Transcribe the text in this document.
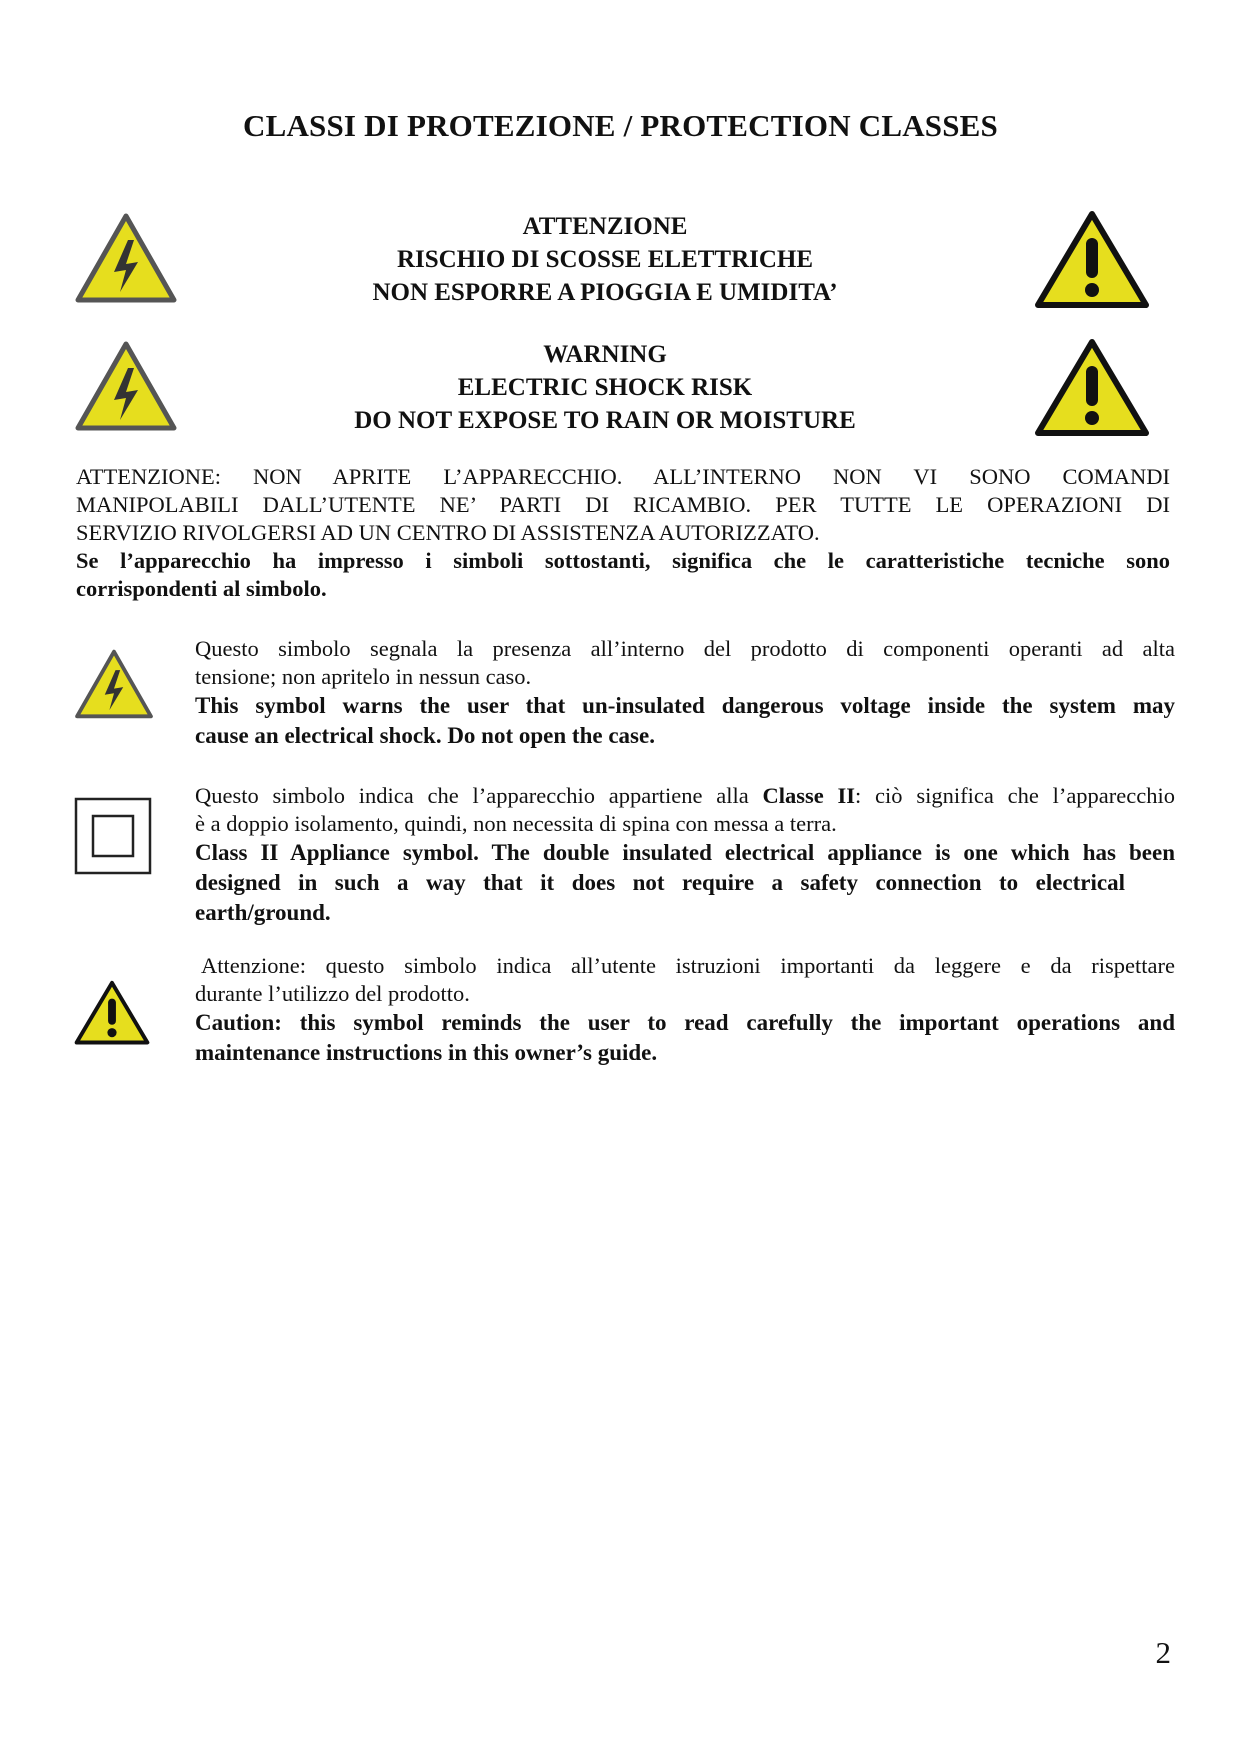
CLASSI DI PROTEZIONE / PROTECTION CLASSES
ATTENZIONE
RISCHIO DI SCOSSE ELETTRICHE
NON ESPORRE A PIOGGIA E UMIDITA’
WARNING
ELECTRIC SHOCK RISK
DO NOT EXPOSE TO RAIN OR MOISTURE
ATTENZIONE: NON APRITE L’APPARECCHIO. ALL’INTERNO NON VI SONO COMANDI
MANIPOLABILI DALL’UTENTE NE’ PARTI DI RICAMBIO. PER TUTTE LE OPERAZIONI DI
SERVIZIO RIVOLGERSI AD UN CENTRO DI ASSISTENZA AUTORIZZATO.
Se l’apparecchio ha impresso i simboli sottostanti, significa che le caratteristiche tecniche sono
corrispondenti al simbolo.
Questo simbolo segnala la presenza all’interno del prodotto di componenti operanti ad alta
tensione; non apritelo in nessun caso.
This symbol warns the user that un-insulated dangerous voltage inside the system may
cause an electrical shock. Do not open the case.
Questo simbolo indica che l’apparecchio appartiene alla Classe II: ciò significa che l’apparecchio
è a doppio isolamento, quindi, non necessita di spina con messa a terra.
Class II Appliance symbol. The double insulated electrical appliance is one which has been
designed in such a way that it does not require a safety connection to electrical
earth/ground.
Attenzione: questo simbolo indica all’utente istruzioni importanti da leggere e da rispettare
durante l’utilizzo del prodotto.
Caution: this symbol reminds the user to read carefully the important operations and
maintenance instructions in this owner’s guide.
2
